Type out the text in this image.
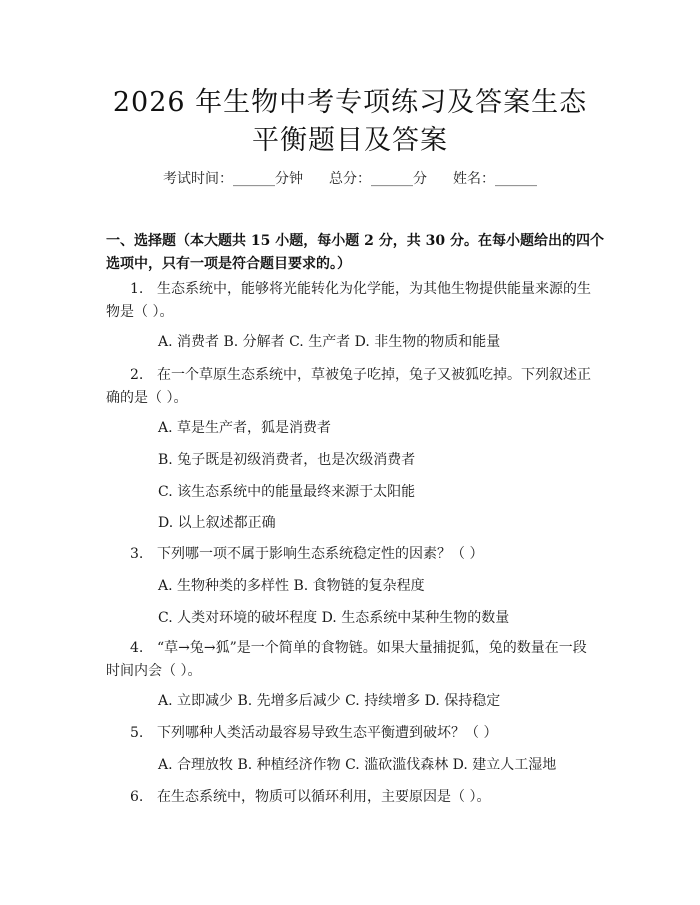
2026 年生物中考专项练习及答案生态平衡题目及答案
考试时间：______分钟 总分：______分 姓名：______
一、选择题（本大题共 15 小题，每小题 2 分，共 30 分。在每小题给出的四个选项中，只有一项是符合题目要求的。）
1. 生态系统中，能够将光能转化为化学能，为其他生物提供能量来源的生物是（ ）。
A. 消费者 B. 分解者 C. 生产者 D. 非生物的物质和能量
2. 在一个草原生态系统中，草被兔子吃掉，兔子又被狐吃掉。下列叙述正确的是（ ）。
A. 草是生产者，狐是消费者
B. 兔子既是初级消费者，也是次级消费者
C. 该生态系统中的能量最终来源于太阳能
D. 以上叙述都正确
3. 下列哪一项不属于影响生态系统稳定性的因素？（ ）
A. 生物种类的多样性 B. 食物链的复杂程度
C. 人类对环境的破坏程度 D. 生态系统中某种生物的数量
4. “草→兔→狐”是一个简单的食物链。如果大量捕捉狐，兔的数量在一段时间内会（ ）。
A. 立即减少 B. 先增多后减少 C. 持续增多 D. 保持稳定
5. 下列哪种人类活动最容易导致生态平衡遭到破坏？（ ）
A. 合理放牧 B. 种植经济作物 C. 滥砍滥伐森林 D. 建立人工湿地
6. 在生态系统中，物质可以循环利用，主要原因是（ ）。
